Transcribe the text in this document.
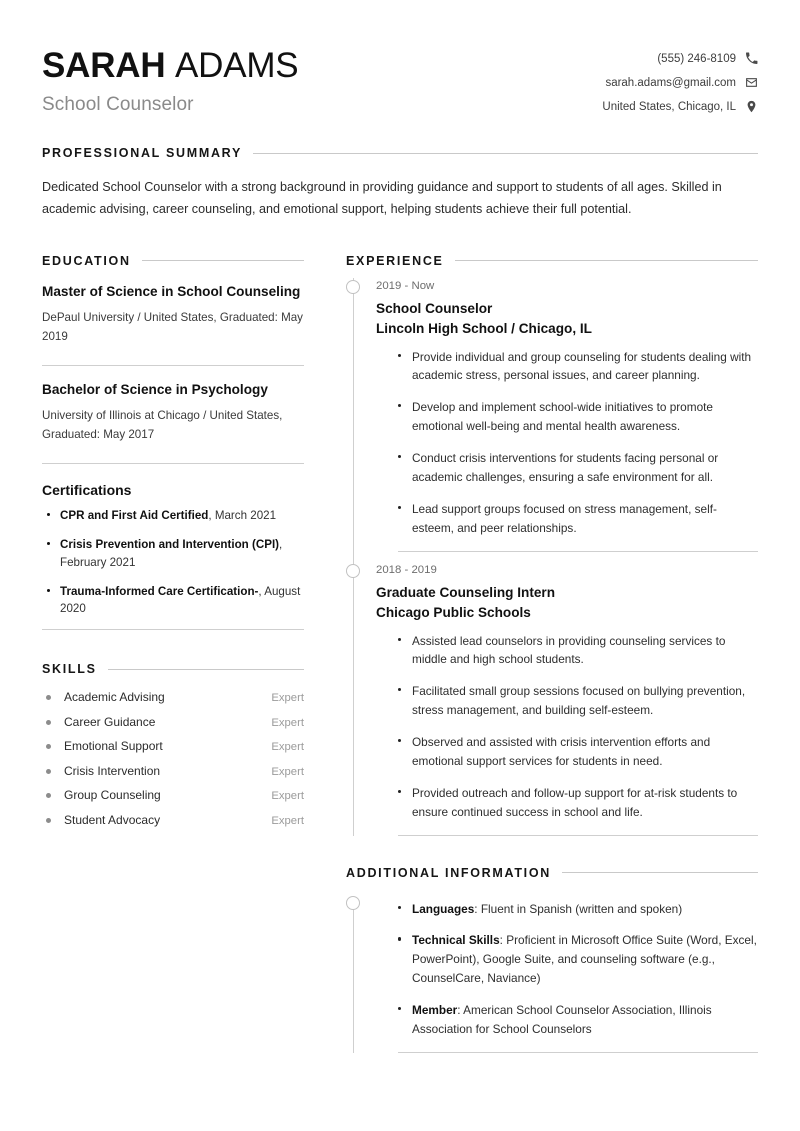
SARAH ADAMS
School Counselor
(555) 246-8109
sarah.adams@gmail.com
United States, Chicago, IL
PROFESSIONAL SUMMARY

Dedicated School Counselor with a strong background in providing guidance and support to students of all ages. Skilled in academic advising, career counseling, and emotional support, helping students achieve their full potential.

EDUCATION
Master of Science in School Counseling
DePaul University / United States, Graduated: May 2019
Bachelor of Science in Psychology
University of Illinois at Chicago / United States, Graduated: May 2017
Certifications
CPR and First Aid Certified, March 2021
Crisis Prevention and Intervention (CPI), February 2021
Trauma-Informed Care Certification-, August 2020
SKILLS
Academic Advising	Expert
Career Guidance	Expert
Emotional Support	Expert
Crisis Intervention	Expert
Group Counseling	Expert
Student Advocacy	Expert
EXPERIENCE
2019 - Now
School Counselor
Lincoln High School / Chicago, IL
Provide individual and group counseling for students dealing with academic stress, personal issues, and career planning.
Develop and implement school-wide initiatives to promote emotional well-being and mental health awareness.
Conduct crisis interventions for students facing personal or academic challenges, ensuring a safe environment for all.
Lead support groups focused on stress management, self-esteem, and peer relationships.
2018 - 2019
Graduate Counseling Intern
Chicago Public Schools
Assisted lead counselors in providing counseling services to middle and high school students.
Facilitated small group sessions focused on bullying prevention, stress management, and building self-esteem.
Observed and assisted with crisis intervention efforts and emotional support services for students in need.
Provided outreach and follow-up support for at-risk students to ensure continued success in school and life.
ADDITIONAL INFORMATION
Languages: Fluent in Spanish (written and spoken)
Technical Skills: Proficient in Microsoft Office Suite (Word, Excel, PowerPoint), Google Suite, and counseling software (e.g., CounselCare, Naviance)
Member: American School Counselor Association, Illinois Association for School Counselors
